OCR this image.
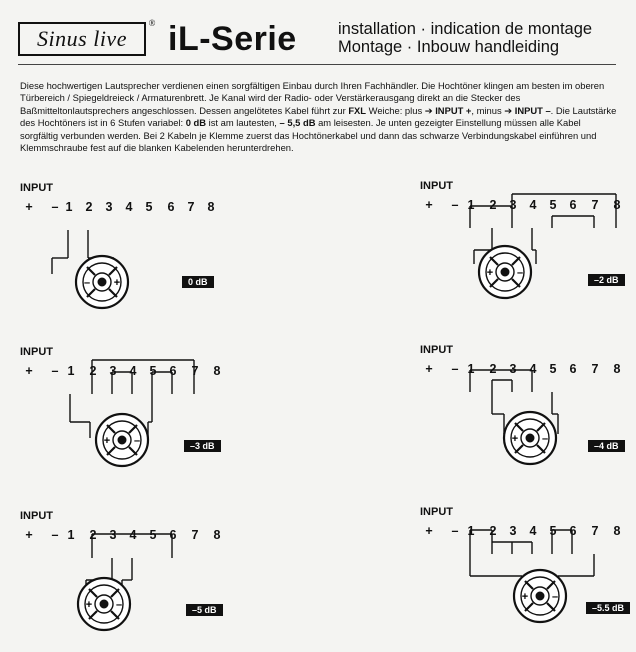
Sinus live
® iL-Serie	installation · indication de montage
Montage · Inbouw handleiding

Diese hochwertigen Lautsprecher verdienen einen sorgfältigen Einbau durch Ihren Fachhändler. Die Hochtöner klingen am besten im oberen Türbereich / Spiegeldreieck / Armaturenbrett. Je Kanal wird der Radio- oder Verstärkerausgang direkt an die Stecker des Baßmitteltonlautsprechers angeschlossen. Dessen angelötetes Kabel führt zur FXL Weiche: plus ➔ INPUT +, minus ➔ INPUT –. Die Lautstärke des Hochtöners ist in 6 Stufen variabel: 0 dB ist am lautesten, – 5,5 dB am leisesten. Je unten gezeigter Einstellung müssen alle Kabel sorgfältig verbunden werden. Bei 2 Kabeln je Klemme zuerst das Hochtönerkabel und dann das schwarze Verbindungskabel einführen und Klemmschraube fest auf die blanken Kabelenden herunterdrehen.

INPUT
+ – 1 2 3 4 5 6 7 8
– +	0 dB
INPUT
+ – 1 2 3 4 5 6 7 8
+ –
–2 dB
INPUT
+ – 1 2 3 4 5 6 7 8
+ –	–3 dB
INPUT
+ – 1 2 3 4 5 6 7 8
+ –
–4 dB
INPUT
+ – 1 2 3 4 5 6 7 8
+ –	–5 dB
INPUT
+ – 1 2 3 4 5 6 7 8
+ –
–5.5 dB
